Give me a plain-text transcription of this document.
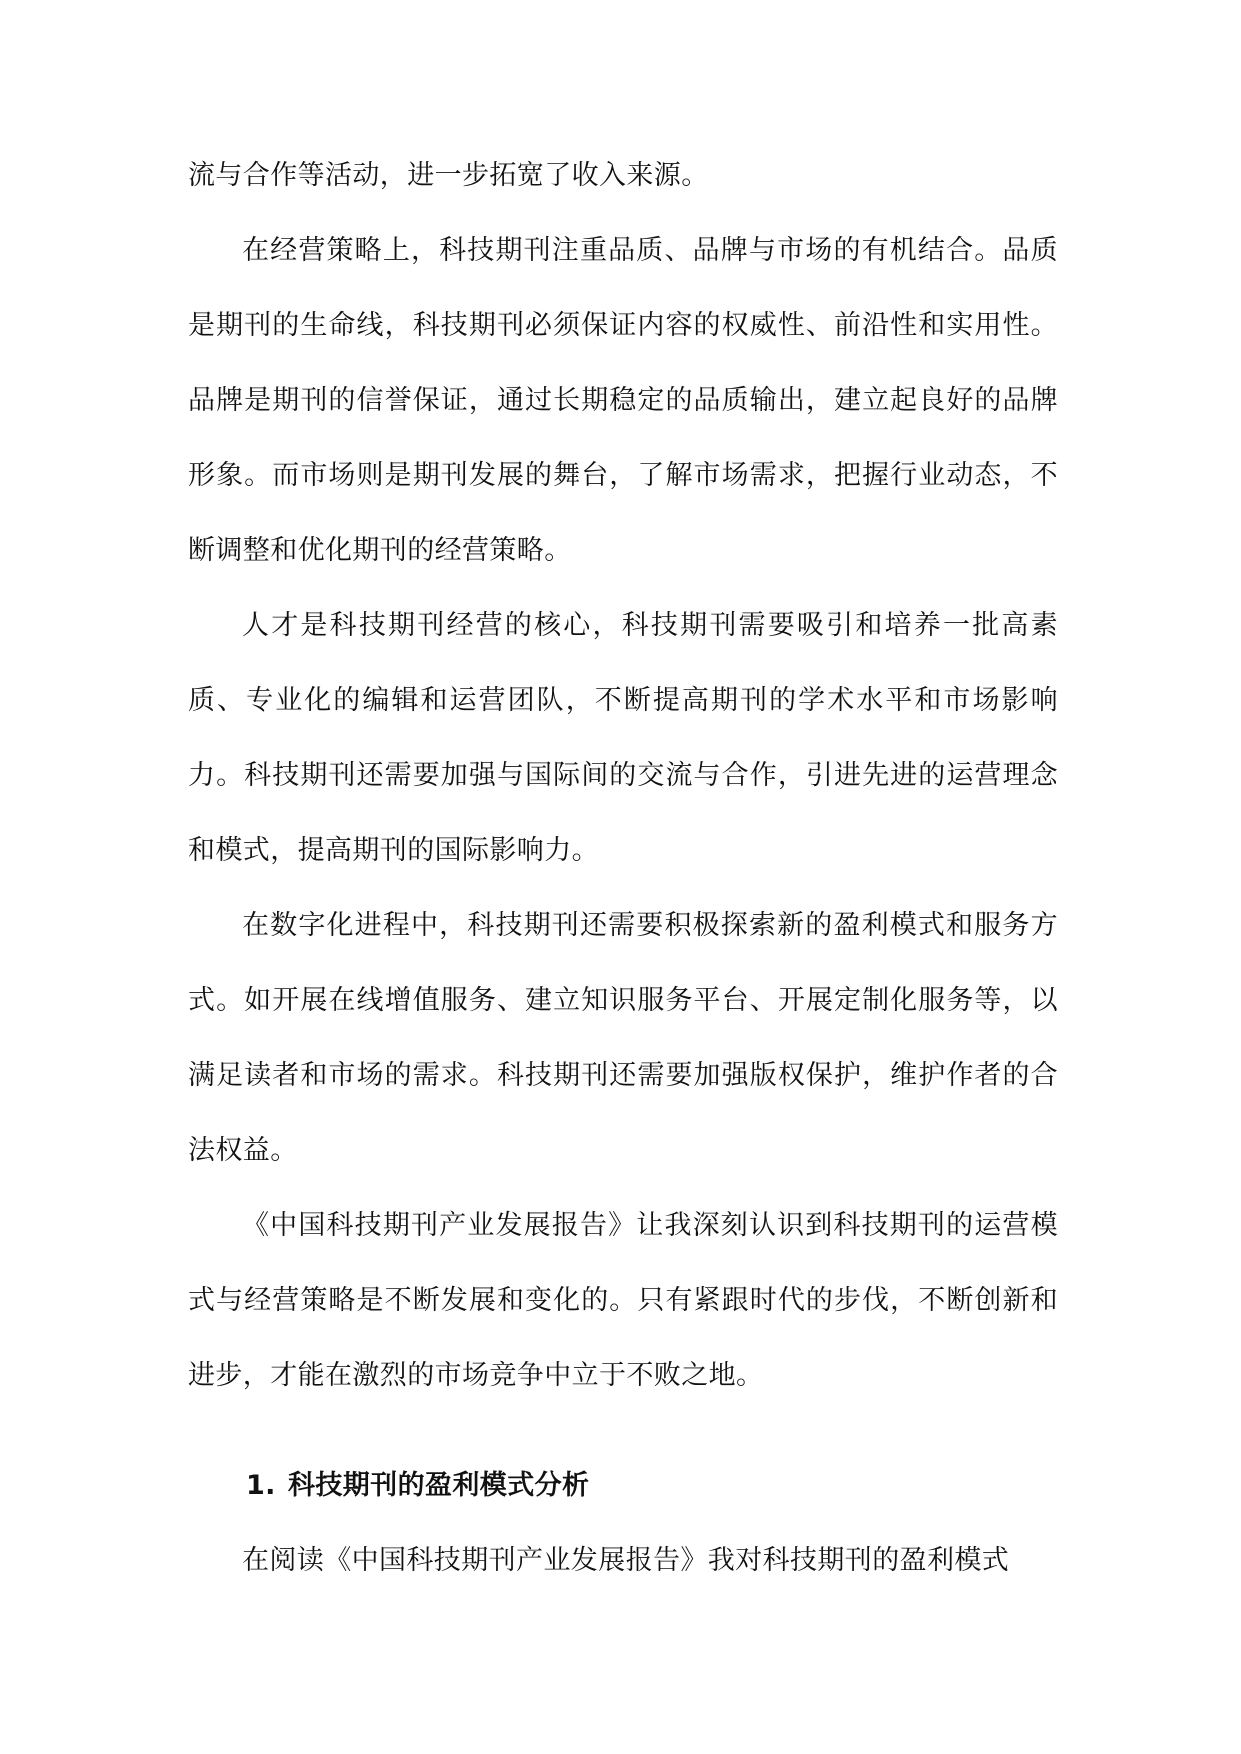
流与合作等活动，进一步拓宽了收入来源。

在经营策略上，科技期刊注重品质、品牌与市场的有机结合。品质是期刊的生命线，科技期刊必须保证内容的权威性、前沿性和实用性。品牌是期刊的信誉保证，通过长期稳定的品质输出，建立起良好的品牌形象。而市场则是期刊发展的舞台，了解市场需求，把握行业动态，不断调整和优化期刊的经营策略。

人才是科技期刊经营的核心，科技期刊需要吸引和培养一批高素质、专业化的编辑和运营团队，不断提高期刊的学术水平和市场影响力。科技期刊还需要加强与国际间的交流与合作，引进先进的运营理念和模式，提高期刊的国际影响力。

在数字化进程中，科技期刊还需要积极探索新的盈利模式和服务方式。如开展在线增值服务、建立知识服务平台、开展定制化服务等，以满足读者和市场的需求。科技期刊还需要加强版权保护，维护作者的合法权益。

《中国科技期刊产业发展报告》让我深刻认识到科技期刊的运营模式与经营策略是不断发展和变化的。只有紧跟时代的步伐，不断创新和进步，才能在激烈的市场竞争中立于不败之地。

1. 科技期刊的盈利模式分析

在阅读《中国科技期刊产业发展报告》我对科技期刊的盈利模式
